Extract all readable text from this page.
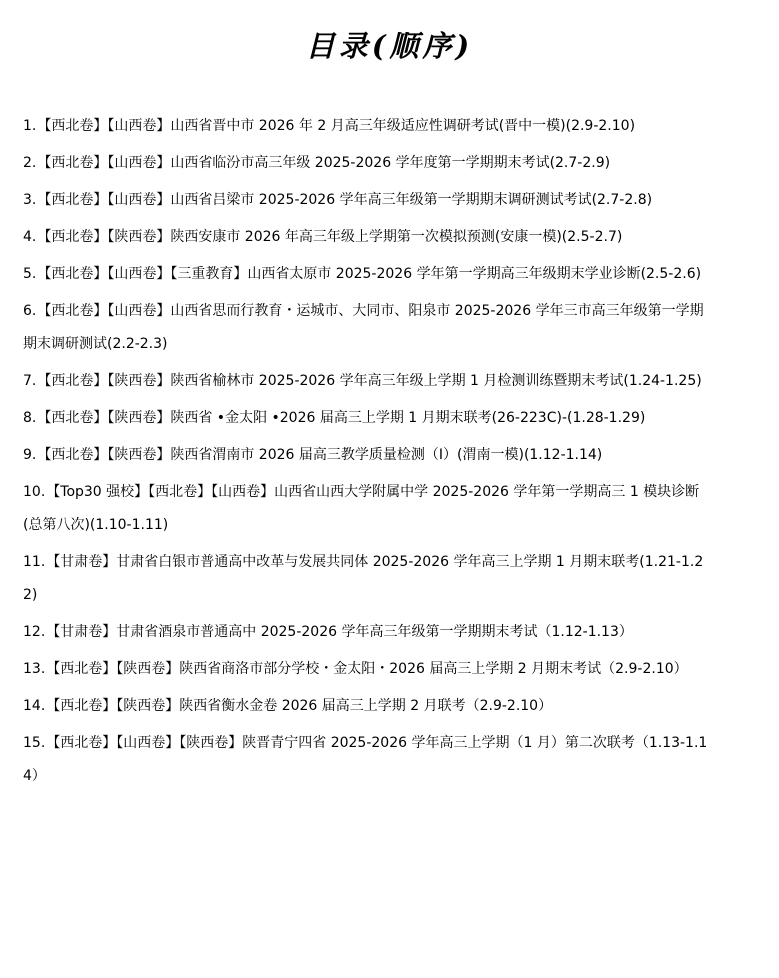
目录(顺序)
1.【西北卷】【山西卷】山西省晋中市 2026 年 2 月高三年级适应性调研考试(晋中一模)(2.9-2.10)
2.【西北卷】【山西卷】山西省临汾市高三年级 2025-2026 学年度第一学期期末考试(2.7-2.9)
3.【西北卷】【山西卷】山西省吕梁市 2025-2026 学年高三年级第一学期期末调研测试考试(2.7-2.8)
4.【西北卷】【陕西卷】陕西安康市 2026 年高三年级上学期第一次模拟预测(安康一模)(2.5-2.7)
5.【西北卷】【山西卷】【三重教育】山西省太原市 2025-2026 学年第一学期高三年级期末学业诊断(2.5-2.6)
6.【西北卷】【山西卷】山西省思而行教育・运城市、大同市、阳泉市 2025-2026 学年三市高三年级第一学期期末调研测试(2.2-2.3)
7.【西北卷】【陕西卷】陕西省榆林市 2025-2026 学年高三年级上学期 1 月检测训练暨期末考试(1.24-1.25)
8.【西北卷】【陕西卷】陕西省 •金太阳 •2026 届高三上学期 1 月期末联考(26-223C)-(1.28-1.29)
9.【西北卷】【陕西卷】陕西省渭南市 2026 届高三教学质量检测（Ⅰ）(渭南一模)(1.12-1.14)
10.【Top30 强校】【西北卷】【山西卷】山西省山西大学附属中学 2025-2026 学年第一学期高三 1 模块诊断(总第八次)(1.10-1.11)
11.【甘肃卷】甘肃省白银市普通高中改革与发展共同体 2025-2026 学年高三上学期 1 月期末联考(1.21-1.22)
12.【甘肃卷】甘肃省酒泉市普通高中 2025-2026 学年高三年级第一学期期末考试（1.12-1.13）
13.【西北卷】【陕西卷】陕西省商洛市部分学校・金太阳・2026 届高三上学期 2 月期末考试（2.9-2.10）
14.【西北卷】【陕西卷】陕西省衡水金卷 2026 届高三上学期 2 月联考（2.9-2.10）
15.【西北卷】【山西卷】【陕西卷】陕晋青宁四省 2025-2026 学年高三上学期（1 月）第二次联考（1.13-1.14）
